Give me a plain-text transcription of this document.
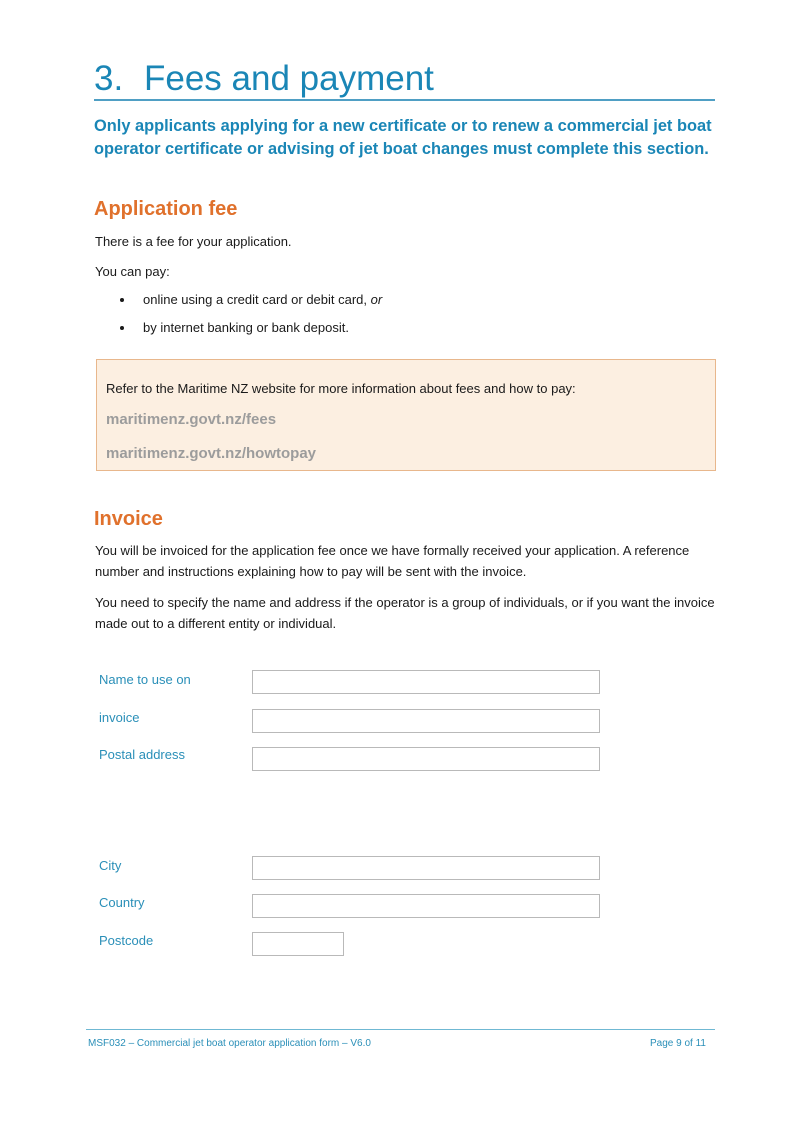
3. Fees and payment

Only applicants applying for a new certificate or to renew a commercial jet boat operator certificate or advising of jet boat changes must complete this section.

Application fee

There is a fee for your application.

You can pay:

online using a credit card or debit card, or
by internet banking or bank deposit.
Refer to the Maritime NZ website for more information about fees and how to pay:
maritimenz.govt.nz/fees
maritimenz.govt.nz/howtopay
Invoice

You will be invoiced for the application fee once we have formally received your application. A reference number and instructions explaining how to pay will be sent with the invoice.

You need to specify the name and address if the operator is a group of individuals, or if you want the invoice made out to a different entity or individual.

Name to use on
invoice
Postal address
City
Country
Postcode
MSF032 – Commercial jet boat operator application form – V6.0	Page 9 of 11
